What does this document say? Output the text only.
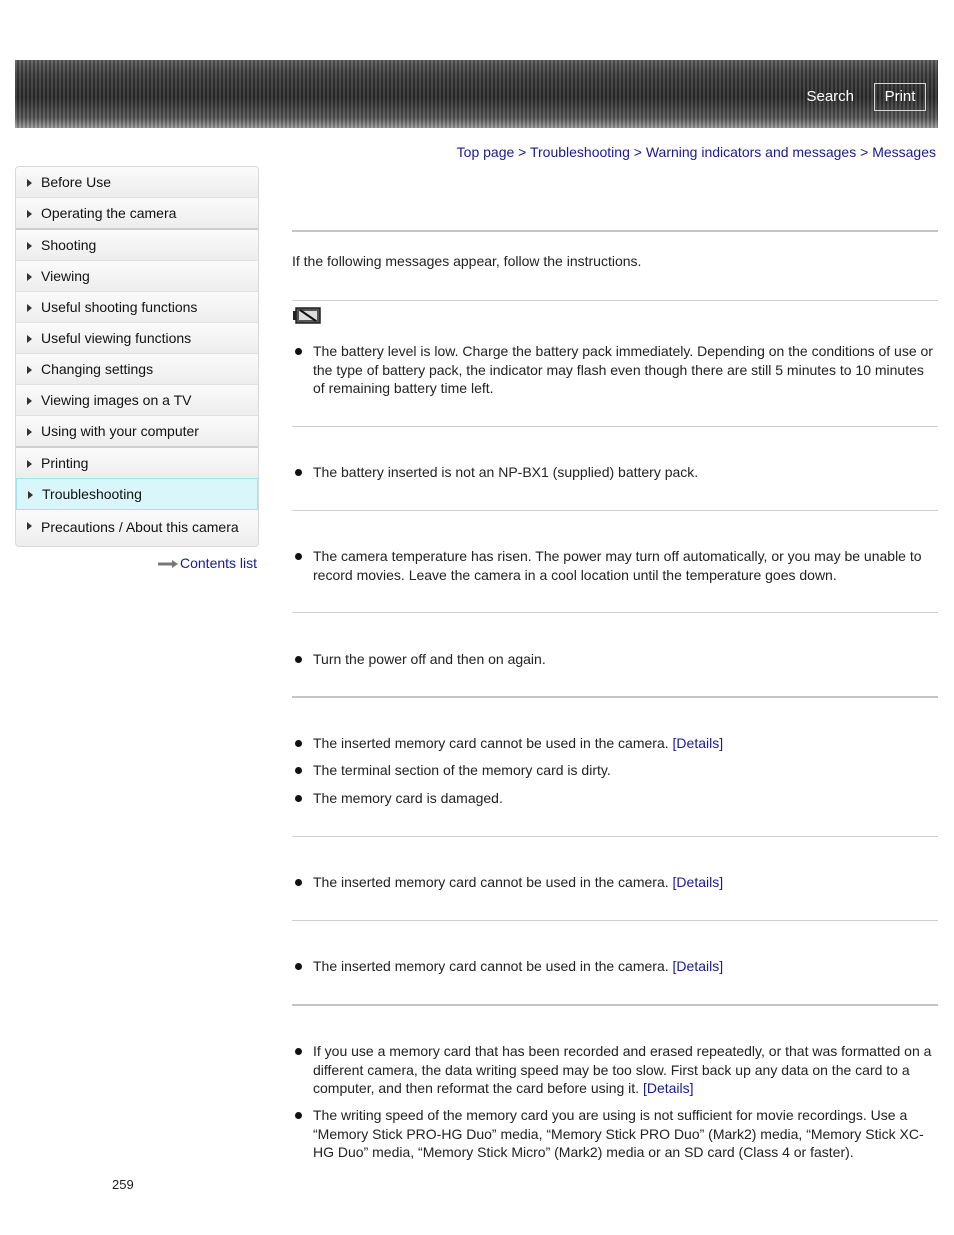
Search	Print
Top page > Troubleshooting > Warning indicators and messages > Messages
Before Use
Operating the camera
Shooting
Viewing
Useful shooting functions
Useful viewing functions
Changing settings
Viewing images on a TV
Using with your computer
Printing
Troubleshooting
Precautions / About this camera
Contents list
If the following messages appear, follow the instructions.
The battery level is low. Charge the battery pack immediately. Depending on the conditions of use or the type of battery pack, the indicator may flash even though there are still 5 minutes to 10 minutes of remaining battery time left.
The battery inserted is not an NP-BX1 (supplied) battery pack.
The camera temperature has risen. The power may turn off automatically, or you may be unable to record movies. Leave the camera in a cool location until the temperature goes down.
Turn the power off and then on again.
The inserted memory card cannot be used in the camera. [Details]
The terminal section of the memory card is dirty.
The memory card is damaged.
The inserted memory card cannot be used in the camera. [Details]
The inserted memory card cannot be used in the camera. [Details]
If you use a memory card that has been recorded and erased repeatedly, or that was formatted on a different camera, the data writing speed may be too slow. First back up any data on the card to a computer, and then reformat the card before using it. [Details]
The writing speed of the memory card you are using is not sufficient for movie recordings. Use a “Memory Stick PRO-HG Duo” media, “Memory Stick PRO Duo” (Mark2) media, “Memory Stick XC-HG Duo” media, “Memory Stick Micro” (Mark2) media or an SD card (Class 4 or faster).
259
